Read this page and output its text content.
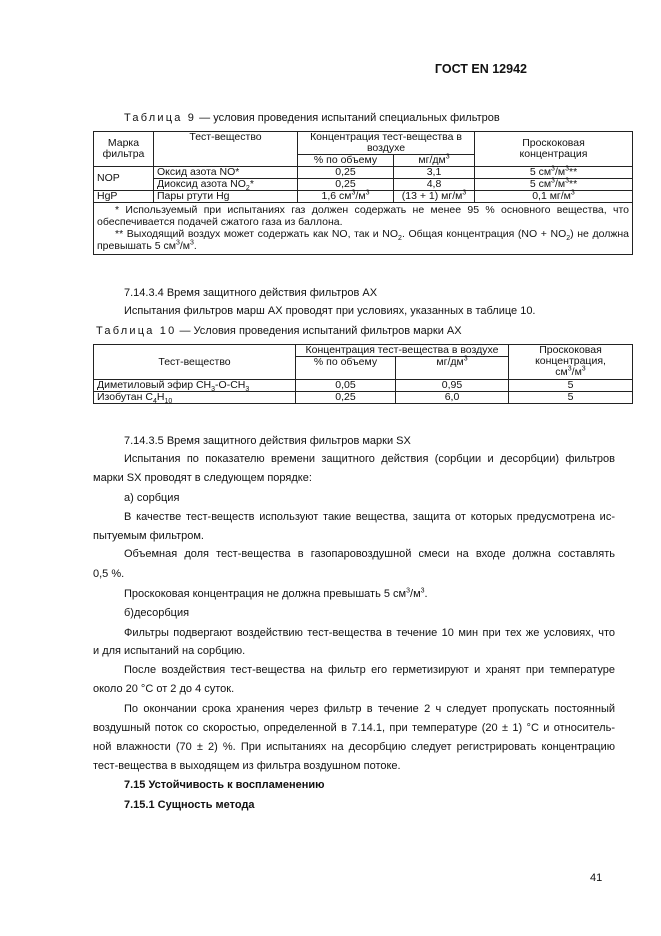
ГОСТ EN 12942
Таблица 9 — условия проведения испытаний специальных фильтров
Марка
фильтра	Тест-вещество	Концентрация тест-вещества в
воздухе		Проскоковая
концентрация
		% по объему	$мг/дм^3$
NOP	Оксид азота NO*	0,25	3,1	5 $см^3/м^3**$
	Диоксид азота $NO_2*$	0,25	4,8	5 $см^3/м^3**$
HgP	Пары ртути Hg	1,6 $см^3/м^3$	(13 + 1) $мг/м^3$	0,1 $мг/м^3$

* Используемый при испытаниях газ должен содержать не менее 95 % основного вещества, что обеспечивается подачей сжатого газа из баллона.
** Выходящий воздух может содержать как NO, так и $NO_2$. Общая концентрация $(NO + NO_2)$ не должна превышать 5 $см^3/м^3$.				
7.14.3.4 Время защитного действия фильтров АХ
Испытания фильтров марш АХ проводят при условиях, указанных в таблице 10.
Таблица 10 — Условия проведения испытаний фильтров марки АХ
Тест-вещество	Концентрация тест-вещества в воздухе		Проскоковая
концентрация,
$см^3/м^3$
	% по объему	$мг/дм^3$
Диметиловый эфир $CH_3-O-CH_3$	0,05	0,95	5
Изобутан $C_4H_{10}$	0,25	6,0	5
7.14.3.5 Время защитного действия фильтров марки SX
Испытания по показателю времени защитного действия (сорбции и десорбции) фильтров
марки SX проводят в следующем порядке:
а) сорбция
В качестве тест-веществ используют такие вещества, защита от которых предусмотрена ис-
пытуемым фильтром.
Объемная доля тест-вещества в газопаровоздушной смеси на входе должна составлять
0,5 %.
Проскоковая концентрация не должна превышать 5 $см^3/м^3$.
б)десорбция
Фильтры подвергают воздействию тест-вещества в течение 10 мин при тех же условиях, что
и для испытаний на сорбцию.
После воздействия тест-вещества на фильтр его герметизируют и хранят при температуре
около 20 °С от 2 до 4 суток.
По окончании срока хранения через фильтр в течение 2 ч следует пропускать постоянный
воздушный поток со скоростью, определенной в 7.14.1, при температуре (20 ± 1) °С и относитель-
ной влажности (70 ± 2) %. При испытаниях на десорбцию следует регистрировать концентрацию
тест-вещества в выходящем из фильтра воздушном потоке.
7.15 Устойчивость к воспламенению
7.15.1 Сущность метода
41
